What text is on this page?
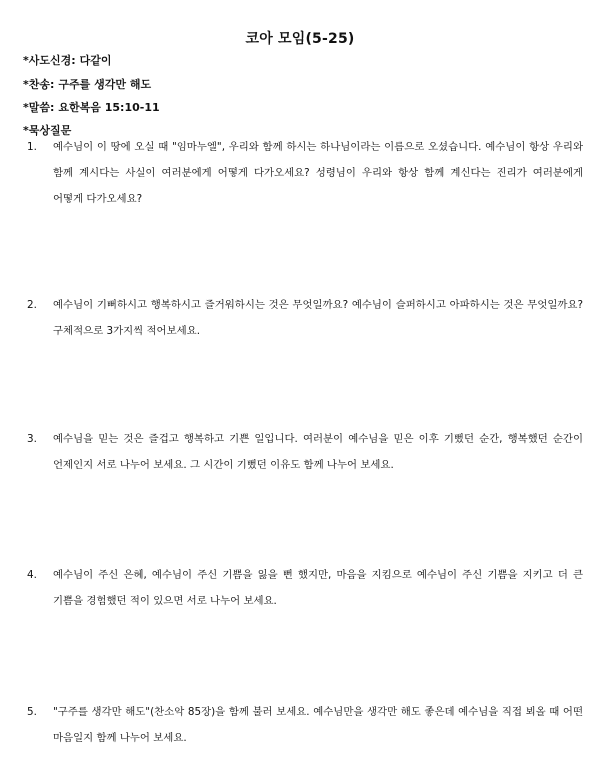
코아 모임(5-25)
*사도신경: 다같이
*찬송: 구주를 생각만 해도
*말씀: 요한복음 15:10-11
*묵상질문
1.	예수님이 이 땅에 오실 때 "임마누엘", 우리와 함께 하시는 하나님이라는 이름으로 오셨습니다. 예수님이 항상 우리와 함께 계시다는 사실이 여러분에게 어떻게 다가오세요? 성령님이 우리와 항상 함께 계신다는 진리가 여러분에게 어떻게 다가오세요?
2.	예수님이 기뻐하시고 행복하시고 즐거워하시는 것은 무엇일까요? 예수님이 슬퍼하시고 아파하시는 것은 무엇일까요? 구체적으로 3가지씩 적어보세요.
3.	예수님을 믿는 것은 즐겁고 행복하고 기쁜 일입니다. 여러분이 예수님을 믿은 이후 기뻤던 순간, 행복했던 순간이 언제인지 서로 나누어 보세요. 그 시간이 기뻤던 이유도 함께 나누어 보세요.
4.	예수님이 주신 은혜, 예수님이 주신 기쁨을 잃을 뻔 했지만, 마음을 지킴으로 예수님이 주신 기쁨을 지키고 더 큰 기쁨을 경험했던 적이 있으면 서로 나누어 보세요.
5.	"구주를 생각만 해도"(찬소악 85장)을 함께 불러 보세요. 예수님만을 생각만 해도 좋은데 예수님을 직접 뵈올 때 어떤 마음일지 함께 나누어 보세요.
